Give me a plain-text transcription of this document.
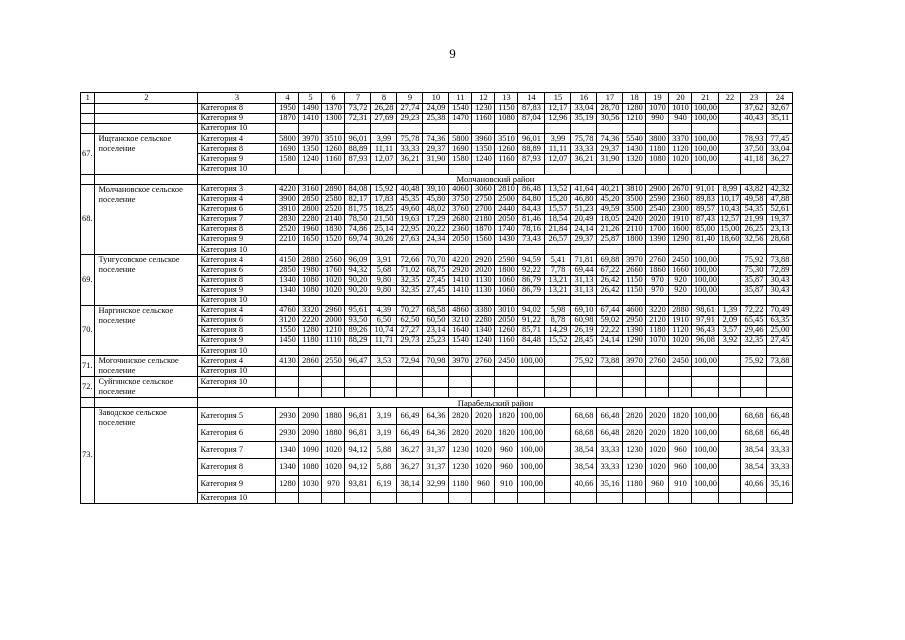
9
1	2	3	4	5	6	7	8	9	10	11	12	13	14	15	16	17	18	19	20	21	22	23	24
		Категория 8	1950	1490	1370	73,72	26,28	27,74	24,09	1540	1230	1150	87,83	12,17	33,04	28,70	1280	1070	1010	100,00		37,62	32,67
		Категория 9	1870	1410	1300	72,31	27,69	29,23	25,38	1470	1160	1080	87,04	12,96	35,19	30,56	1210	990	940	100,00		40,43	35,11
		Категория 10																					
67.	Ищтанское сельское поселение	Категория 4	5800	3970	3510	96,01	3,99	75,78	74,36	5800	3960	3510	96,01	3,99	75,78	74,36	5540	3800	3370	100,00		78,93	77,45
		Категория 8	1690	1350	1260	88,89	11,11	33,33	29,37	1690	1350	1260	88,89	11,11	33,33	29,37	1430	1180	1120	100,00		37,50	33,04
		Категория 9	1580	1240	1160	87,93	12,07	36,21	31,90	1580	1240	1160	87,93	12,07	36,21	31,90	1320	1080	1020	100,00		41,18	36,27
		Категория 10																					
		Молчановский район																					
68.	Молчановское сельское поселение	Категория 3	4220	3160	2890	84,08	15,92	40,48	39,10	4060	3060	2810	86,48	13,52	41,64	40,21	3810	2900	2670	91,01	8,99	43,82	42,32
		Категория 4	3900	2850	2580	82,17	17,83	45,35	45,80	3750	2750	2500	84,80	15,20	46,80	45,20	3500	2590	2360	89,83	10,17	49,58	47,88
		Категория 6	3910	2800	2520	81,75	18,25	49,60	48,02	3760	2700	2440	84,43	15,57	51,23	49,59	3500	2540	2300	89,57	10,43	54,35	52,61
		Категория 7	2830	2280	2140	78,50	21,50	19,63	17,29	2680	2180	2050	81,46	18,54	20,49	18,05	2420	2020	1910	87,43	12,57	21,99	19,37
		Категория 8	2520	1960	1830	74,86	25,14	22,95	20,22	2360	1870	1740	78,16	21,84	24,14	21,26	2110	1700	1600	85,00	15,00	26,25	23,13
		Категория 9	2210	1650	1520	69,74	30,26	27,63	24,34	2050	1560	1430	73,43	26,57	29,37	25,87	1800	1390	1290	81,40	18,60	32,56	28,68
		Категория 10																					
69.	Тунгусовское сельское поселение	Категория 4	4150	2880	2560	96,09	3,91	72,66	70,70	4220	2920	2590	94,59	5,41	71,81	69,88	3970	2760	2450	100,00		75,92	73,88
		Категория 6	2850	1980	1760	94,32	5,68	71,02	68,75	2920	2020	1800	92,22	7,78	69,44	67,22	2660	1860	1660	100,00		75,30	72,89
		Категория 8	1340	1080	1020	90,20	9,80	32,35	27,45	1410	1130	1060	86,79	13,21	31,13	26,42	1150	970	920	100,00		35,87	30,43
		Категория 9	1340	1080	1020	90,20	9,80	32,35	27,45	1410	1130	1060	86,79	13,21	31,13	26,42	1150	970	920	100,00		35,87	30,43
		Категория 10																					
70.	Наргинское сельское поселение	Категория 4	4760	3320	2960	95,61	4,39	70,27	68,58	4860	3380	3010	94,02	5,98	69,10	67,44	4600	3220	2880	98,61	1,39	72,22	70,49
		Категория 6	3120	2220	2000	93,50	6,50	62,50	60,50	3210	2280	2050	91,22	8,78	60,98	59,02	2950	2120	1910	97,91	2,09	65,45	63,35
		Категория 8	1550	1280	1210	89,26	10,74	27,27	23,14	1640	1340	1260	85,71	14,29	26,19	22,22	1390	1180	1120	96,43	3,57	29,46	25,00
		Категория 9	1450	1180	1110	88,29	11,71	29,73	25,23	1540	1240	1160	84,48	15,52	28,45	24,14	1290	1070	1020	96,08	3,92	32,35	27,45
		Категория 10																					
71.	Могочинское сельское поселение	Категория 4	4130	2860	2550	96,47	3,53	72,94	70,98	3970	2760	2450	100,00		75,92	73,88	3970	2760	2450	100,00		75,92	73,88
		Категория 10																					
72.	Суйгинское сельское поселение	Категория 10																					

		Парабельский район																					
73.	Заводское сельское поселение	Категория 5	2930	2090	1880	96,81	3,19	66,49	64,36	2820	2020	1820	100,00		68,68	66,48	2820	2020	1820	100,00		68,68	66,48
		Категория 6	2930	2090	1880	96,81	3,19	66,49	64,36	2820	2020	1820	100,00		68,68	66,48	2820	2020	1820	100,00		68,68	66,48
		Категория 7	1340	1090	1020	94,12	5,88	36,27	31,37	1230	1020	960	100,00		38,54	33,33	1230	1020	960	100,00		38,54	33,33
		Категория 8	1340	1080	1020	94,12	5,88	36,27	31,37	1230	1020	960	100,00		38,54	33,33	1230	1020	960	100,00		38,54	33,33
		Категория 9	1280	1030	970	93,81	6,19	38,14	32,99	1180	960	910	100,00		40,66	35,16	1180	960	910	100,00		40,66	35,16
		Категория 10																					
